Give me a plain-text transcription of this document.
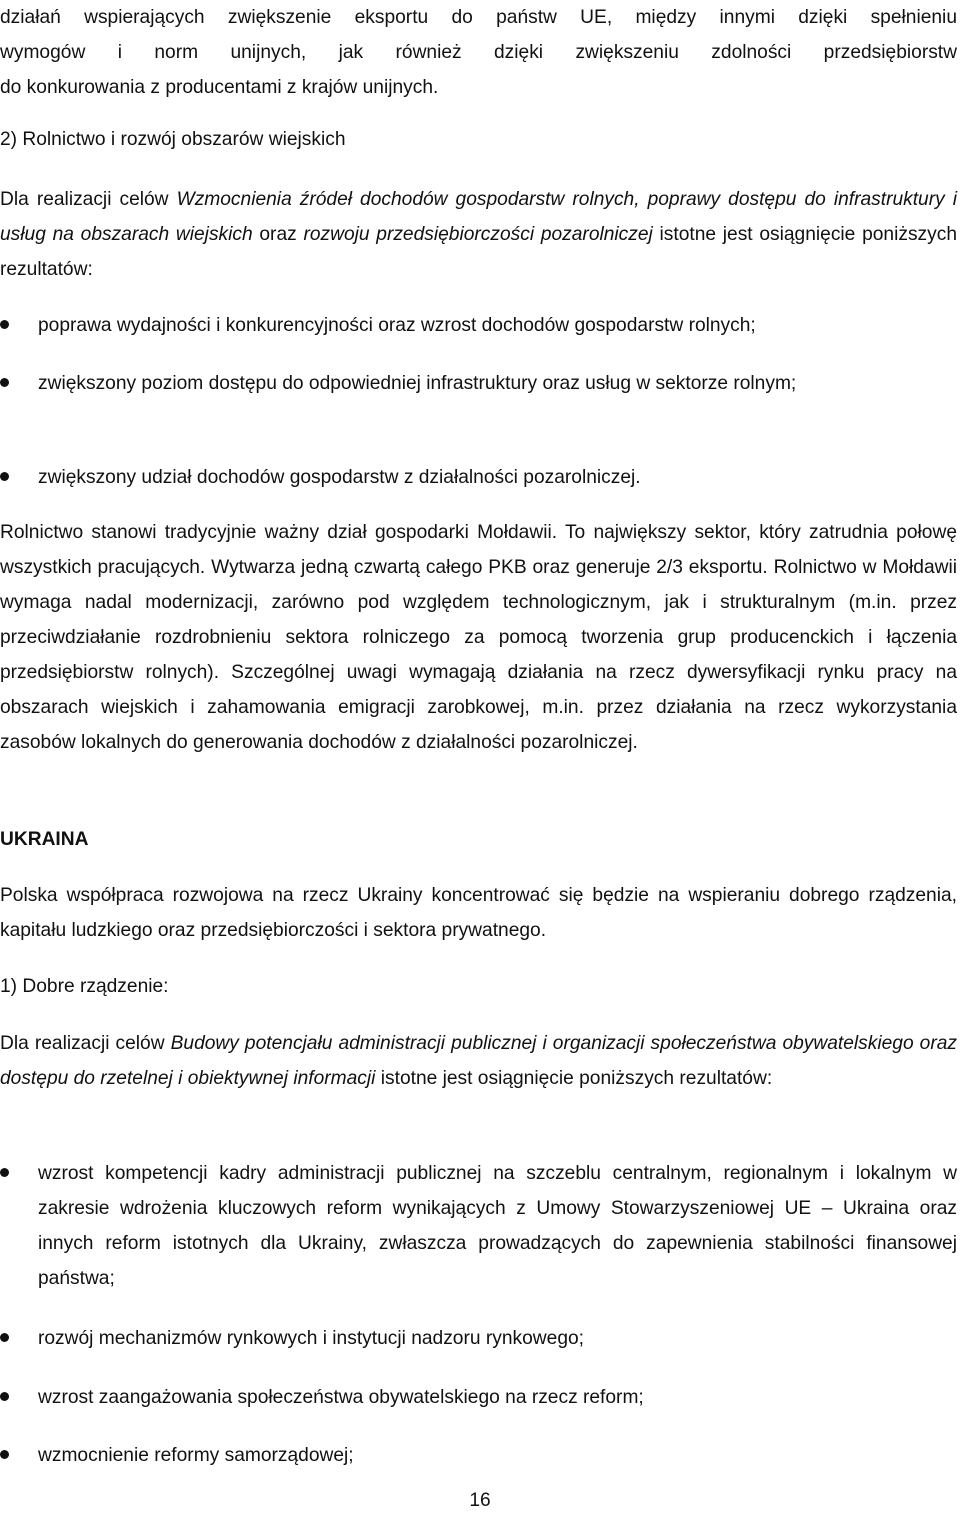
działań wspierających zwiększenie eksportu do państw UE, między innymi dzięki spełnieniu
wymogów i norm unijnych, jak również dzięki zwiększeniu zdolności przedsiębiorstw
do konkurowania z producentami z krajów unijnych.
2) Rolnictwo i rozwój obszarów wiejskich
Dla realizacji celów Wzmocnienia źródeł dochodów gospodarstw rolnych, poprawy dostępu do infrastruktury i usług na obszarach wiejskich oraz rozwoju przedsiębiorczości pozarolniczej istotne jest osiągnięcie poniższych rezultatów:
poprawa wydajności i konkurencyjności oraz wzrost dochodów gospodarstw rolnych;
zwiększony poziom dostępu do odpowiedniej infrastruktury oraz usług w sektorze rolnym;
zwiększony udział dochodów gospodarstw z działalności pozarolniczej.
Rolnictwo stanowi tradycyjnie ważny dział gospodarki Mołdawii. To największy sektor, który zatrudnia połowę wszystkich pracujących. Wytwarza jedną czwartą całego PKB oraz generuje 2/3 eksportu. Rolnictwo w Mołdawii wymaga nadal modernizacji, zarówno pod względem technologicznym, jak i strukturalnym (m.in. przez przeciwdziałanie rozdrobnieniu sektora rolniczego za pomocą tworzenia grup producenckich i łączenia przedsiębiorstw rolnych). Szczególnej uwagi wymagają działania na rzecz dywersyfikacji rynku pracy na obszarach wiejskich i zahamowania emigracji zarobkowej, m.in. przez działania na rzecz wykorzystania zasobów lokalnych do generowania dochodów z działalności pozarolniczej.
UKRAINA
Polska współpraca rozwojowa na rzecz Ukrainy koncentrować się będzie na wspieraniu dobrego rządzenia, kapitału ludzkiego oraz przedsiębiorczości i sektora prywatnego.
1) Dobre rządzenie:
Dla realizacji celów Budowy potencjału administracji publicznej i organizacji społeczeństwa obywatelskiego oraz dostępu do rzetelnej i obiektywnej informacji istotne jest osiągnięcie poniższych rezultatów:
wzrost kompetencji kadry administracji publicznej na szczeblu centralnym, regionalnym i lokalnym w zakresie wdrożenia kluczowych reform wynikających z Umowy Stowarzyszeniowej UE – Ukraina oraz innych reform istotnych dla Ukrainy, zwłaszcza prowadzących do zapewnienia stabilności finansowej państwa;
rozwój mechanizmów rynkowych i instytucji nadzoru rynkowego;
wzrost zaangażowania społeczeństwa obywatelskiego na rzecz reform;
wzmocnienie reformy samorządowej;
16
